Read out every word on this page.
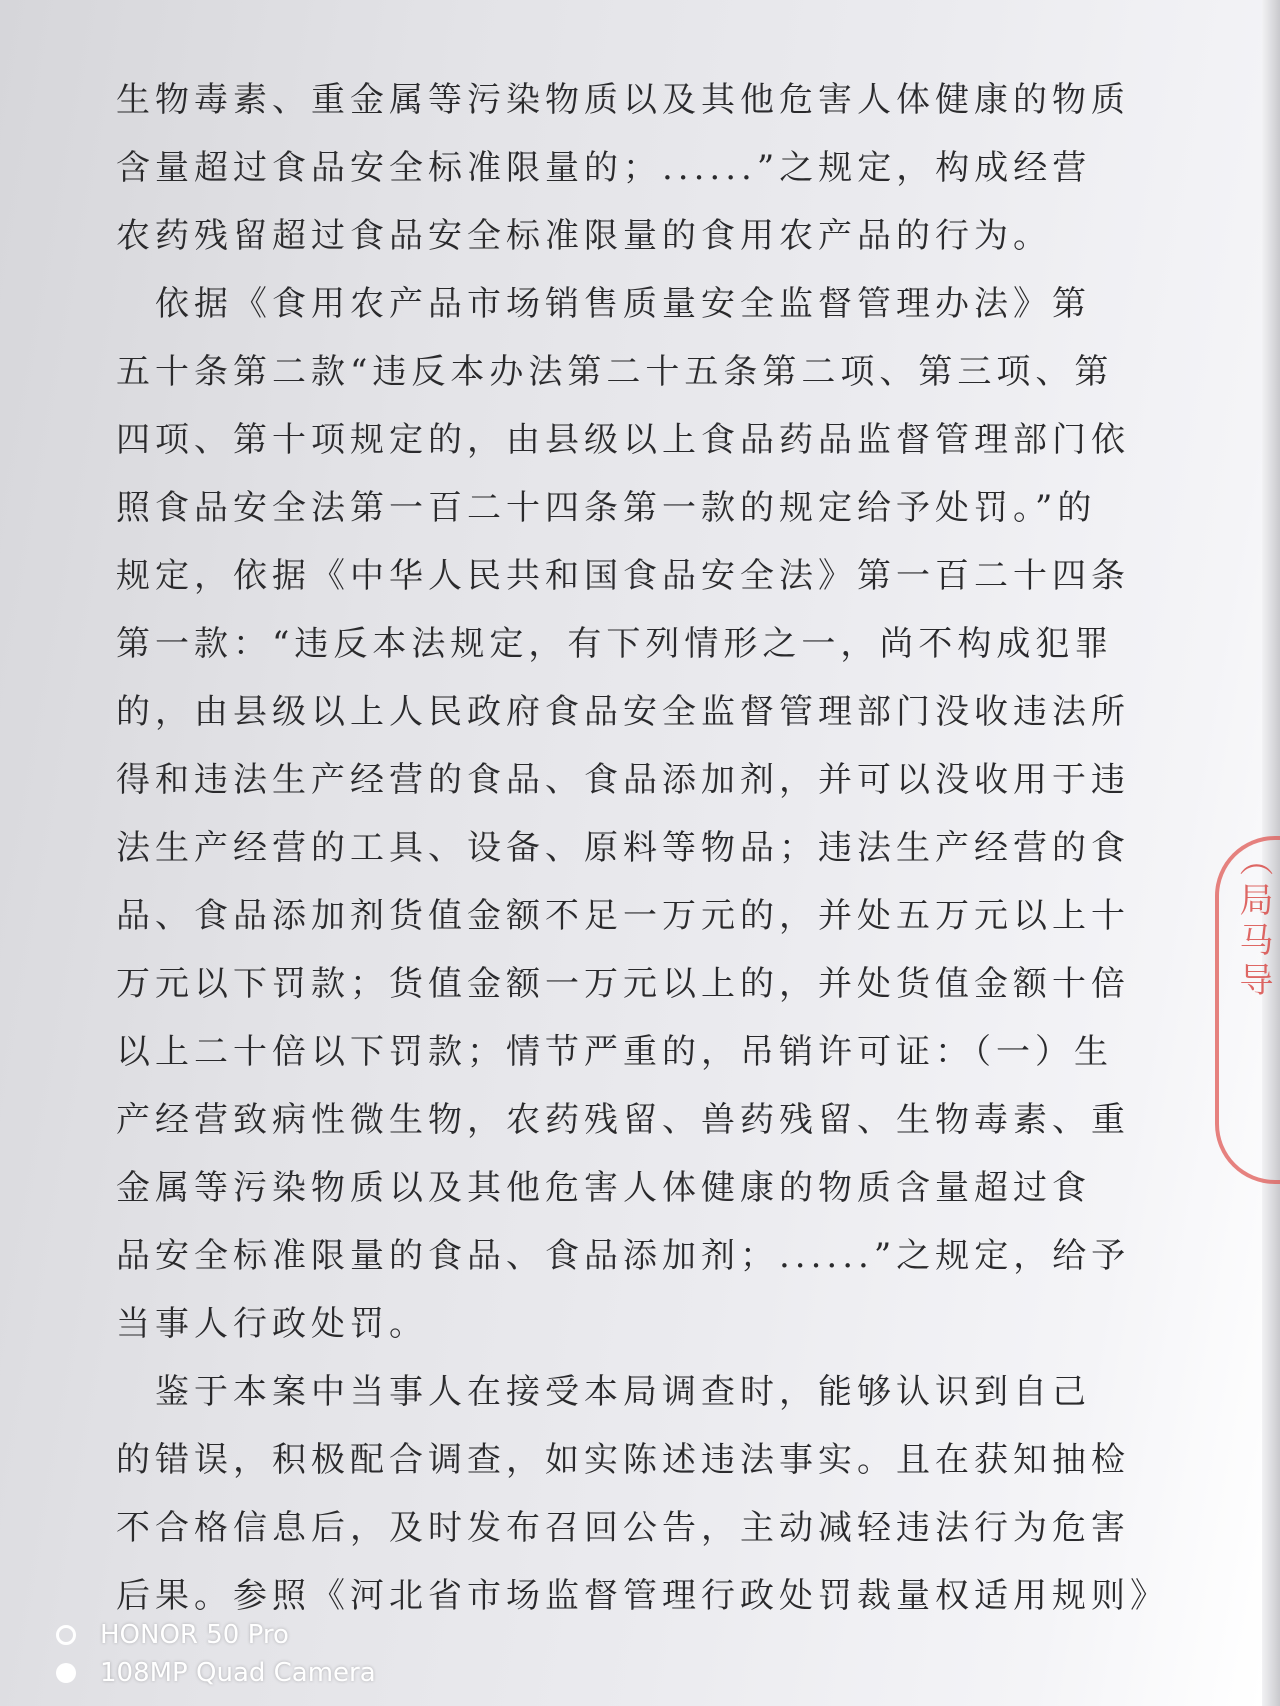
生物毒素、重金属等污染物质以及其他危害人体健康的物质
含量超过食品安全标准限量的；......”之规定，构成经营
农药残留超过食品安全标准限量的食用农产品的行为。
　依据《食用农产品市场销售质量安全监督管理办法》第
五十条第二款“违反本办法第二十五条第二项、第三项、第
四项、第十项规定的，由县级以上食品药品监督管理部门依
照食品安全法第一百二十四条第一款的规定给予处罚。”的
规定，依据《中华人民共和国食品安全法》第一百二十四条
第一款：“违反本法规定，有下列情形之一，尚不构成犯罪
的，由县级以上人民政府食品安全监督管理部门没收违法所
得和违法生产经营的食品、食品添加剂，并可以没收用于违
法生产经营的工具、设备、原料等物品；违法生产经营的食
品、食品添加剂货值金额不足一万元的，并处五万元以上十
万元以下罚款；货值金额一万元以上的，并处货值金额十倍
以上二十倍以下罚款；情节严重的，吊销许可证：（一）生
产经营致病性微生物，农药残留、兽药残留、生物毒素、重
金属等污染物质以及其他危害人体健康的物质含量超过食
品安全标准限量的食品、食品添加剂；......”之规定，给予
当事人行政处罚。
　鉴于本案中当事人在接受本局调查时，能够认识到自己
的错误，积极配合调查，如实陈述违法事实。且在获知抽检
不合格信息后，及时发布召回公告，主动减轻违法行为危害
后果。参照《河北省市场监督管理行政处罚裁量权适用规则》
（局马导
HONOR 50 Pro
108MP Quad Camera
